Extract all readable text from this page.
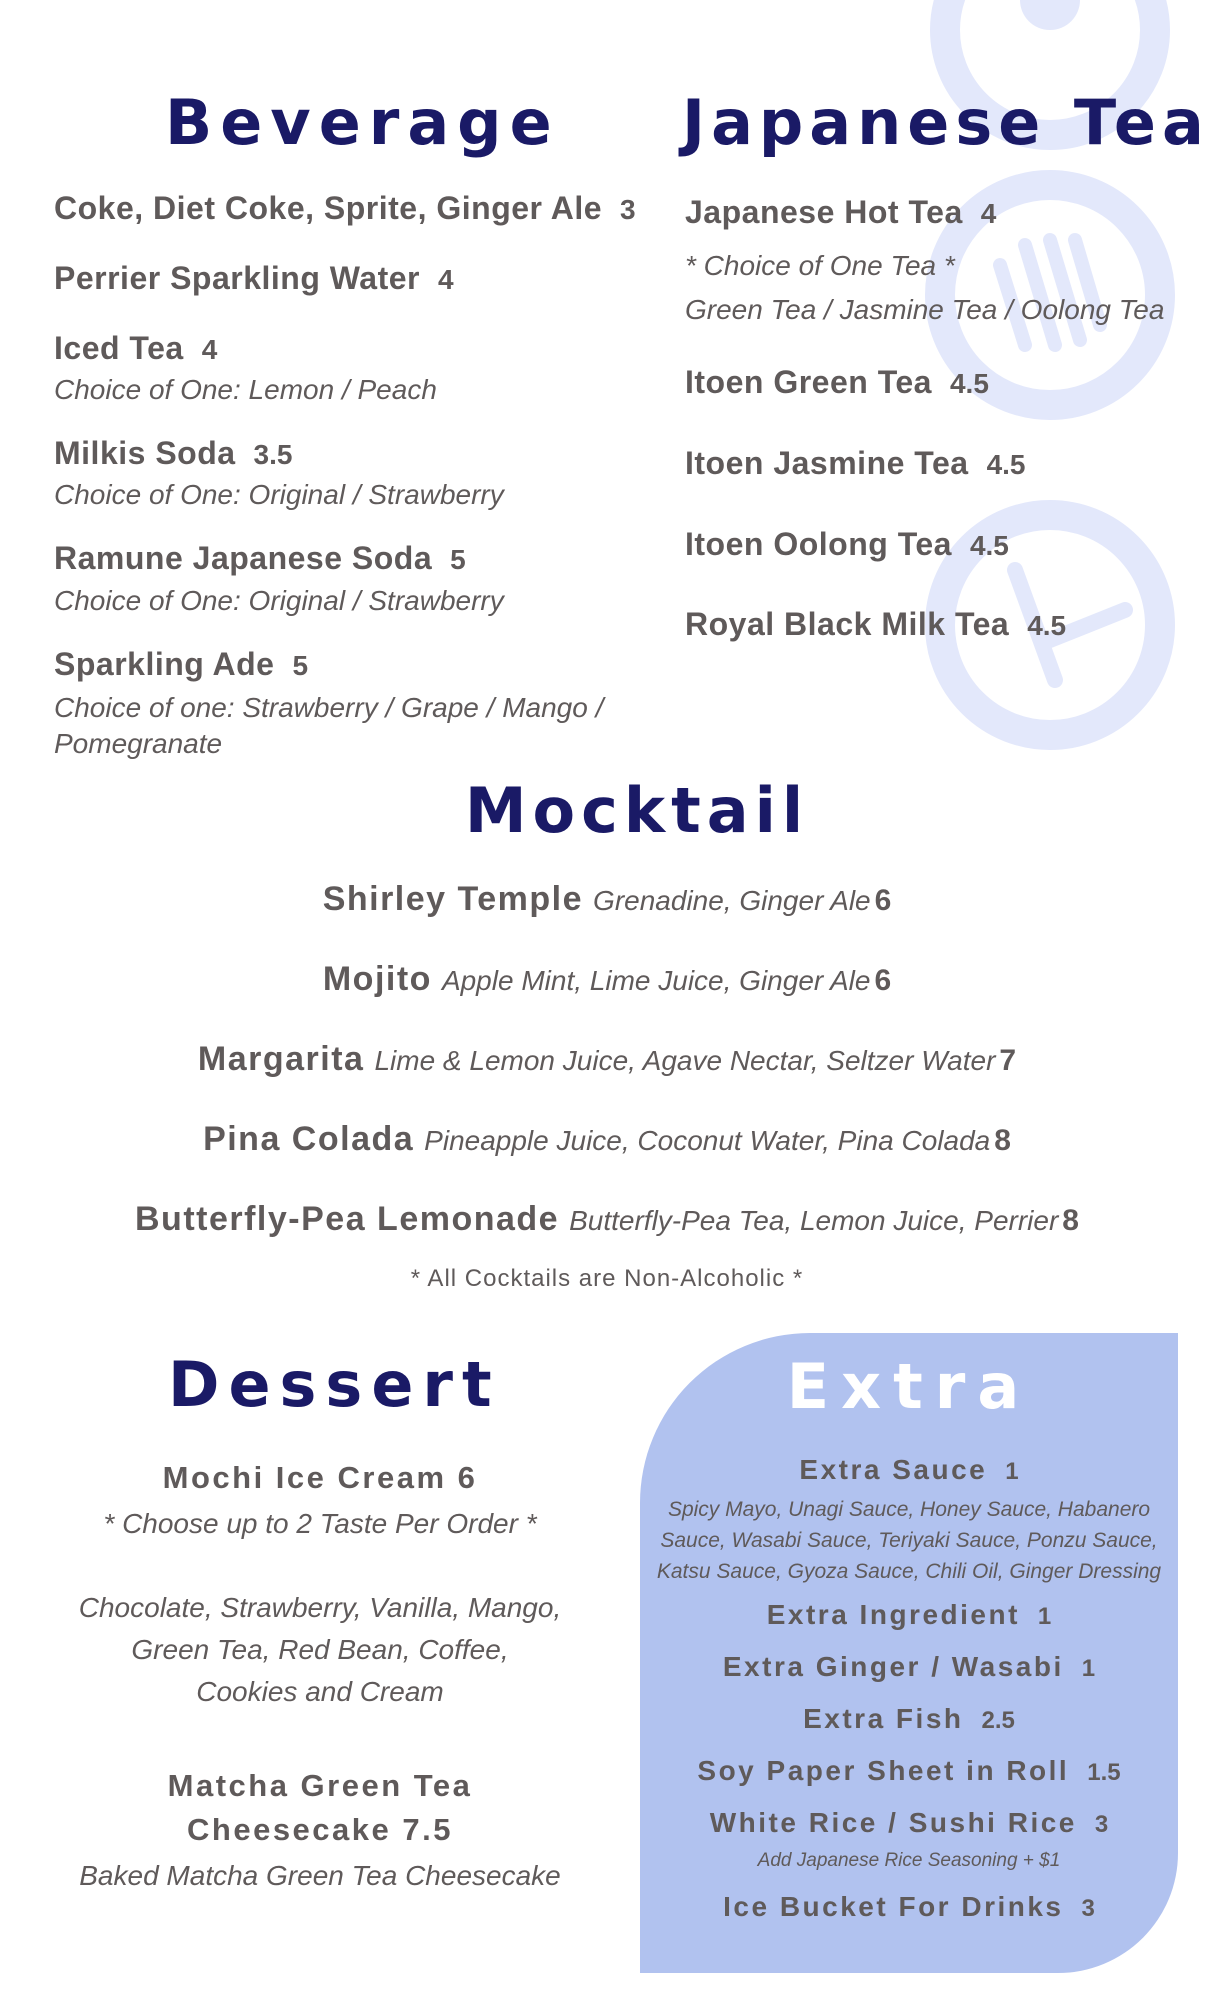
Beverage
Coke, Diet Coke, Sprite, Ginger Ale 3
Perrier Sparkling Water 4
Iced Tea 4
Choice of One: Lemon / Peach
Milkis Soda 3.5
Choice of One: Original / Strawberry
Ramune Japanese Soda 5
Choice of One: Original / Strawberry
Sparkling Ade 5
Choice of one: Strawberry / Grape / Mango /
Pomegranate
Japanese Tea
Japanese Hot Tea 4
* Choice of One Tea *
Green Tea / Jasmine Tea / Oolong Tea
Itoen Green Tea 4.5
Itoen Jasmine Tea 4.5
Itoen Oolong Tea 4.5
Royal Black Milk Tea 4.5
Mocktail
Shirley Temple Grenadine, Ginger Ale 6
Mojito Apple Mint, Lime Juice, Ginger Ale 6
Margarita Lime & Lemon Juice, Agave Nectar, Seltzer Water 7
Pina Colada Pineapple Juice, Coconut Water, Pina Colada 8
Butterfly-Pea Lemonade Butterfly-Pea Tea, Lemon Juice, Perrier 8
* All Cocktails are Non-Alcoholic *
Dessert
Mochi Ice Cream 6
* Choose up to 2 Taste Per Order *
Chocolate, Strawberry, Vanilla, Mango,
Green Tea, Red Bean, Coffee,
Cookies and Cream
Matcha Green Tea
Cheesecake 7.5
Baked Matcha Green Tea Cheesecake
Extra
Extra Sauce 1
Spicy Mayo, Unagi Sauce, Honey Sauce, Habanero
Sauce, Wasabi Sauce, Teriyaki Sauce, Ponzu Sauce,
Katsu Sauce, Gyoza Sauce, Chili Oil, Ginger Dressing
Extra Ingredient 1
Extra Ginger / Wasabi 1
Extra Fish 2.5
Soy Paper Sheet in Roll 1.5
White Rice / Sushi Rice 3
Add Japanese Rice Seasoning + $1
Ice Bucket For Drinks 3
